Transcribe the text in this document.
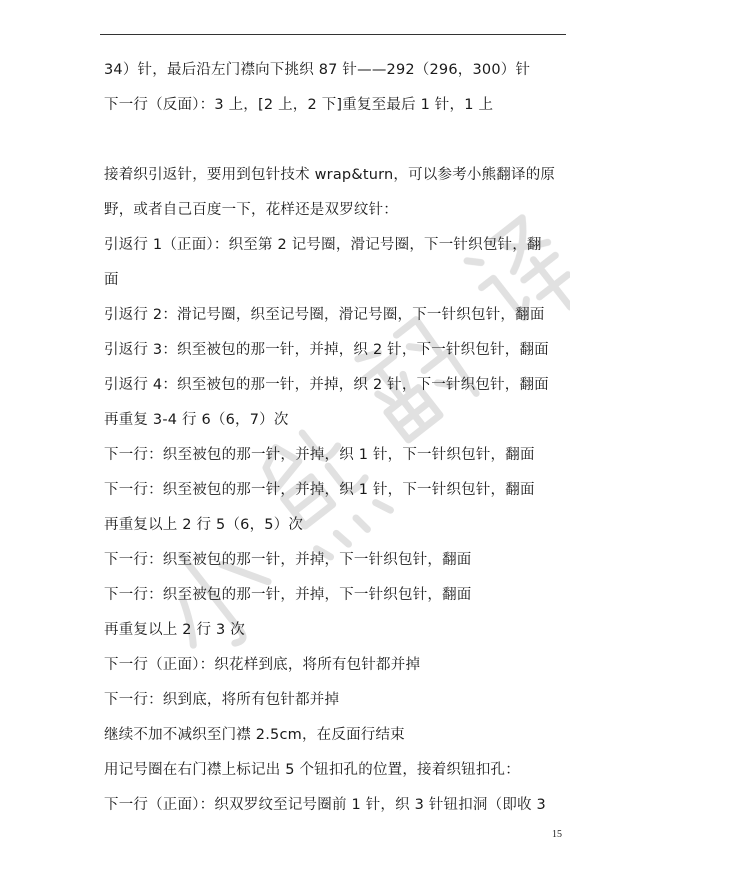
34）针，最后沿左门襟向下挑织 87 针——292（296，300）针
下一行（反面）：3 上，[2 上，2 下]重复至最后 1 针，1 上
接着织引返针，要用到包针技术 wrap&turn，可以参考小熊翻译的原
野，或者自己百度一下，花样还是双罗纹针：
引返行 1（正面）：织至第 2 记号圈，滑记号圈，下一针织包针，翻
面
引返行 2：滑记号圈，织至记号圈，滑记号圈，下一针织包针，翻面
引返行 3：织至被包的那一针，并掉，织 2 针，下一针织包针，翻面
引返行 4：织至被包的那一针，并掉，织 2 针，下一针织包针，翻面
再重复 3-4 行 6（6，7）次
下一行：织至被包的那一针，并掉，织 1 针，下一针织包针，翻面
下一行：织至被包的那一针，并掉，织 1 针，下一针织包针，翻面
再重复以上 2 行 5（6，5）次
下一行：织至被包的那一针，并掉，下一针织包针，翻面
下一行：织至被包的那一针，并掉，下一针织包针，翻面
再重复以上 2 行 3 次
下一行（正面）：织花样到底，将所有包针都并掉
下一行：织到底，将所有包针都并掉
继续不加不减织至门襟 2.5cm，在反面行结束
用记号圈在右门襟上标记出 5 个钮扣孔的位置，接着织钮扣孔：
下一行（正面）：织双罗纹至记号圈前 1 针，织 3 针钮扣洞（即收 3
15
